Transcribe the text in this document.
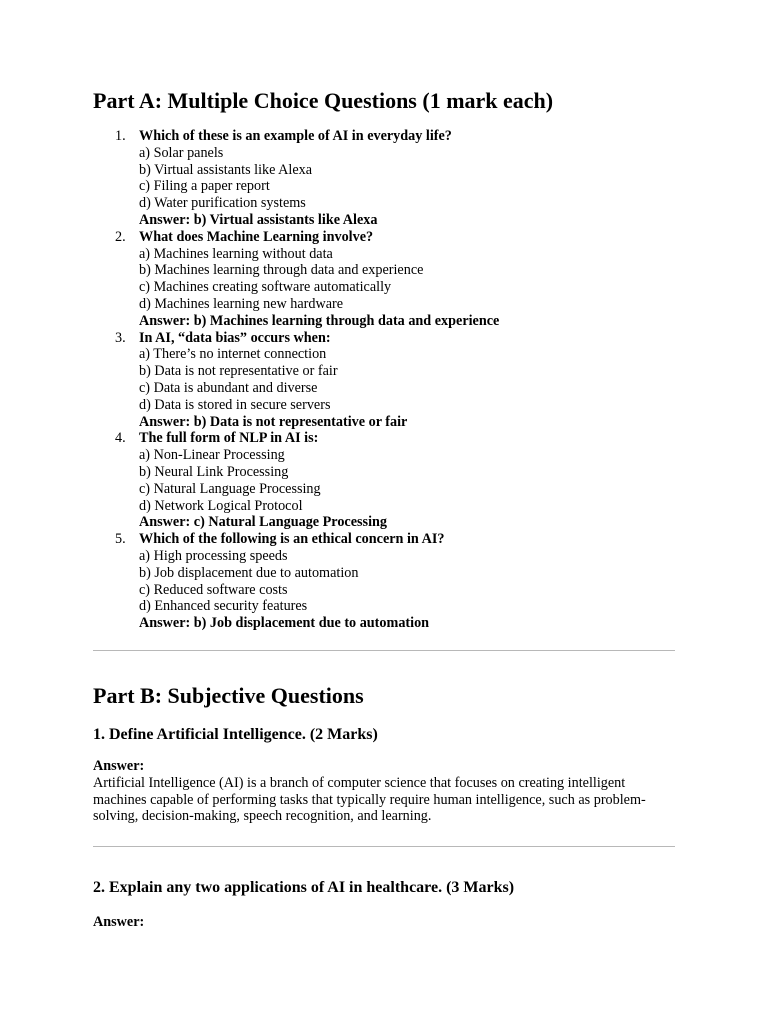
Part A: Multiple Choice Questions (1 mark each)
1. Which of these is an example of AI in everyday life?
a) Solar panels
b) Virtual assistants like Alexa
c) Filing a paper report
d) Water purification systems
Answer: b) Virtual assistants like Alexa
2. What does Machine Learning involve?
a) Machines learning without data
b) Machines learning through data and experience
c) Machines creating software automatically
d) Machines learning new hardware
Answer: b) Machines learning through data and experience
3. In AI, “data bias” occurs when:
a) There’s no internet connection
b) Data is not representative or fair
c) Data is abundant and diverse
d) Data is stored in secure servers
Answer: b) Data is not representative or fair
4. The full form of NLP in AI is:
a) Non-Linear Processing
b) Neural Link Processing
c) Natural Language Processing
d) Network Logical Protocol
Answer: c) Natural Language Processing
5. Which of the following is an ethical concern in AI?
a) High processing speeds
b) Job displacement due to automation
c) Reduced software costs
d) Enhanced security features
Answer: b) Job displacement due to automation
Part B: Subjective Questions
1. Define Artificial Intelligence. (2 Marks)
Answer:
Artificial Intelligence (AI) is a branch of computer science that focuses on creating intelligent machines capable of performing tasks that typically require human intelligence, such as problem-solving, decision-making, speech recognition, and learning.
2. Explain any two applications of AI in healthcare. (3 Marks)
Answer:
